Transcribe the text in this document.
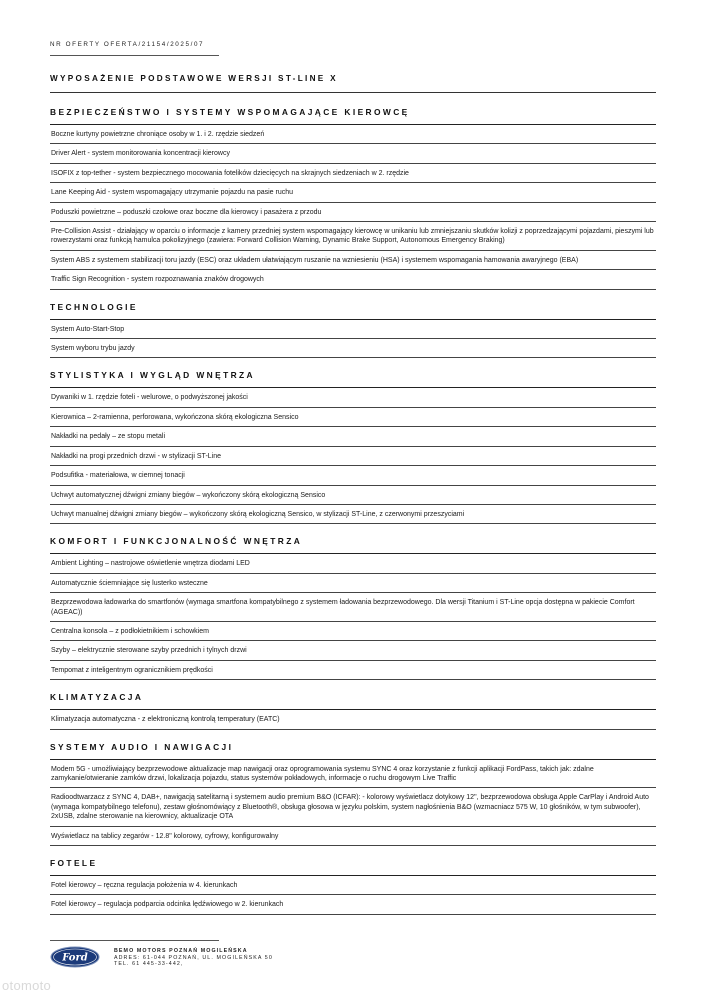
NR OFERTY OFERTA/21154/2025/07
WYPOSAŻENIE PODSTAWOWE WERSJI ST-LINE X
BEZPIECZEŃSTWO I SYSTEMY WSPOMAGAJĄCE KIEROWCĘ
Boczne kurtyny powietrzne chroniące osoby w 1. i 2. rzędzie siedzeń
Driver Alert - system monitorowania koncentracji kierowcy
ISOFIX z top-tether - system bezpiecznego mocowania fotelików dziecięcych na skrajnych siedzeniach w 2. rzędzie
Lane Keeping Aid - system wspomagający utrzymanie pojazdu na pasie ruchu
Poduszki powietrzne – poduszki czołowe oraz boczne dla kierowcy i pasażera z przodu
Pre-Collision Assist - działający w oparciu o informacje z kamery przedniej system wspomagający kierowcę w unikaniu lub zmniejszaniu skutków kolizji z poprzedzającymi pojazdami, pieszymi lub rowerzystami oraz funkcją hamulca pokolizyjnego (zawiera: Forward Collision Warning, Dynamic Brake Support, Autonomous Emergency Braking)
System ABS z systemem stabilizacji toru jazdy (ESC) oraz układem ułatwiającym ruszanie na wzniesieniu (HSA) i systemem wspomagania hamowania awaryjnego (EBA)
Traffic Sign Recognition - system rozpoznawania znaków drogowych
TECHNOLOGIE
System Auto-Start-Stop
System wyboru trybu jazdy
STYLISTYKA I WYGLĄD WNĘTRZA
Dywaniki w 1. rzędzie foteli - welurowe, o podwyższonej jakości
Kierownica – 2-ramienna, perforowana, wykończona skórą ekologiczna Sensico
Nakładki na pedały – ze stopu metali
Nakładki na progi przednich drzwi - w stylizacji ST-Line
Podsufitka - materiałowa, w ciemnej tonacji
Uchwyt automatycznej dźwigni zmiany biegów – wykończony skórą ekologiczną Sensico
Uchwyt manualnej dźwigni zmiany biegów – wykończony skórą ekologiczną Sensico, w stylizacji ST-Line, z czerwonymi przeszyciami
KOMFORT I FUNKCJONALNOŚĆ WNĘTRZA
Ambient Lighting – nastrojowe oświetlenie wnętrza diodami LED
Automatycznie ściemniające się lusterko wsteczne
Bezprzewodowa ładowarka do smartfonów (wymaga smartfona kompatybilnego z systemem ładowania bezprzewodowego. Dla wersji Titanium i ST-Line opcja dostępna w pakiecie Comfort (AGEAC))
Centralna konsola – z podłokietnikiem i schowkiem
Szyby – elektrycznie sterowane szyby przednich i tylnych drzwi
Tempomat z inteligentnym ogranicznikiem prędkości
KLIMATYZACJA
Klimatyzacja automatyczna - z elektroniczną kontrolą temperatury (EATC)
SYSTEMY AUDIO I NAWIGACJI
Modem 5G - umożliwiający bezprzewodowe aktualizacje map nawigacji oraz oprogramowania systemu SYNC 4 oraz korzystanie z funkcji aplikacji FordPass, takich jak: zdalne zamykanie/otwieranie zamków drzwi, lokalizacja pojazdu, status systemów pokładowych, informacje o ruchu drogowym Live Traffic
Radioodtwarzacz z SYNC 4, DAB+, nawigacją satelitarną i systemem audio premium B&O (ICFAR): - kolorowy wyświetlacz dotykowy 12", bezprzewodowa obsługa Apple CarPlay i Android Auto (wymaga kompatybilnego telefonu), zestaw głośnomówiący z Bluetooth®, obsługa głosowa w języku polskim, system nagłośnienia B&O (wzmacniacz 575 W, 10 głośników, w tym subwoofer), 2xUSB, zdalne sterowanie na kierownicy, aktualizacje OTA
Wyświetlacz na tablicy zegarów - 12.8" kolorowy, cyfrowy, konfigurowalny
FOTELE
Fotel kierowcy – ręczna regulacja położenia w 4. kierunkach
Fotel kierowcy – regulacja podparcia odcinka lędźwiowego w 2. kierunkach
Ford
BEMO MOTORS POZNAŃ MOGILEŃSKA
ADRES: 61-044 POZNAŃ, UL. MOGILEŃSKA 50
TEL. 61 445-33-442,
otomoto
